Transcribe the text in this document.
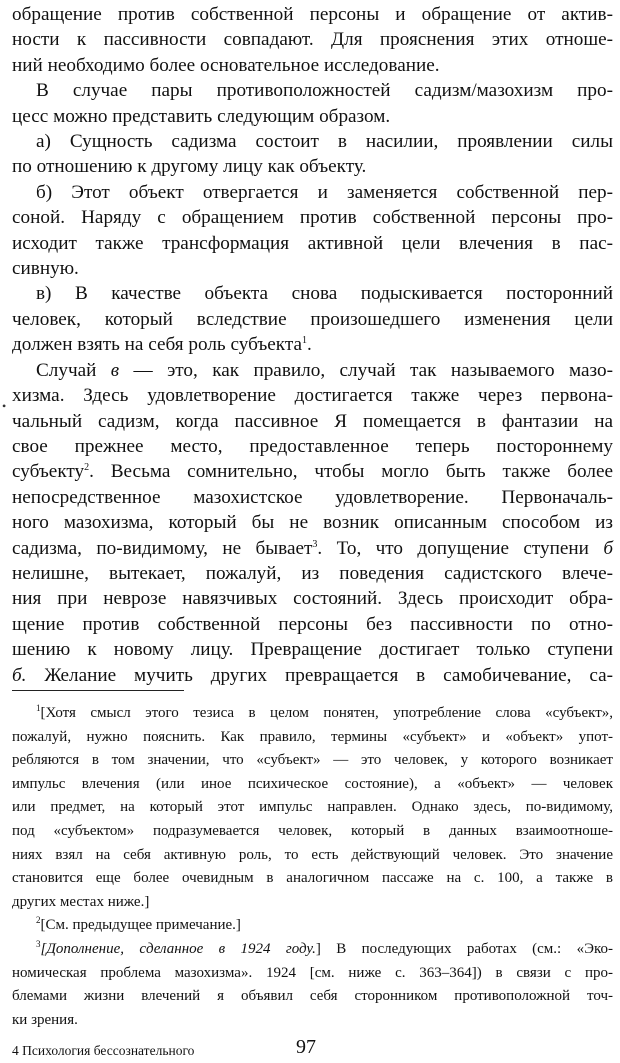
•
обращение против собственной персоны и обращение от актив-
ности к пассивности совпадают. Для прояснения этих отноше-
ний необходимо более основательное исследование.
В случае пары противоположностей садизм/мазохизм про-
цесс можно представить следующим образом.
а) Сущность садизма состоит в насилии, проявлении силы
по отношению к другому лицу как объекту.
б) Этот объект отвергается и заменяется собственной пер-
соной. Наряду с обращением против собственной персоны про-
исходит также трансформация активной цели влечения в пас-
сивную.
в) В качестве объекта снова подыскивается посторонний
человек, который вследствие произошедшего изменения цели
должен взять на себя роль субъекта$^1$.
Случай в — это, как правило, случай так называемого мазо-
хизма. Здесь удовлетворение достигается также через первона-
чальный садизм, когда пассивное Я помещается в фантазии на
свое прежнее место, предоставленное теперь постороннему
субъекту$^2$. Весьма сомнительно, чтобы могло быть также более
непосредственное мазохистское удовлетворение. Первоначаль-
ного мазохизма, который бы не возник описанным способом из
садизма, по-видимому, не бывает$^3$. То, что допущение ступени б
нелишне, вытекает, пожалуй, из поведения садистского влече-
ния при неврозе навязчивых состояний. Здесь происходит обра-
щение против собственной персоны без пассивности по отно-
шению к новому лицу. Превращение достигает только ступени
б. Желание мучить других превращается в самобичевание, са-
$^1$[Хотя смысл этого тезиса в целом понятен, употребление слова «субъект»,
пожалуй, нужно пояснить. Как правило, термины «субъект» и «объект» упот-
ребляются в том значении, что «субъект» — это человек, у которого возникает
импульс влечения (или иное психическое состояние), а «объект» — человек
или предмет, на который этот импульс направлен. Однако здесь, по-видимому,
под «субъектом» подразумевается человек, который в данных взаимоотноше-
ниях взял на себя активную роль, то есть действующий человек. Это значение
становится еще более очевидным в аналогичном пассаже на с. 100, а также в
других местах ниже.]
$^2$[См. предыдущее примечание.]
$^3$[Дополнение, сделанное в 1924 году.] В последующих работах (см.: «Эко-
номическая проблема мазохизма». 1924 [см. ниже с. 363–364]) в связи с про-
блемами жизни влечений я объявил себя сторонником противоположной точ-
ки зрения.
4 Психология бессознательного	97
